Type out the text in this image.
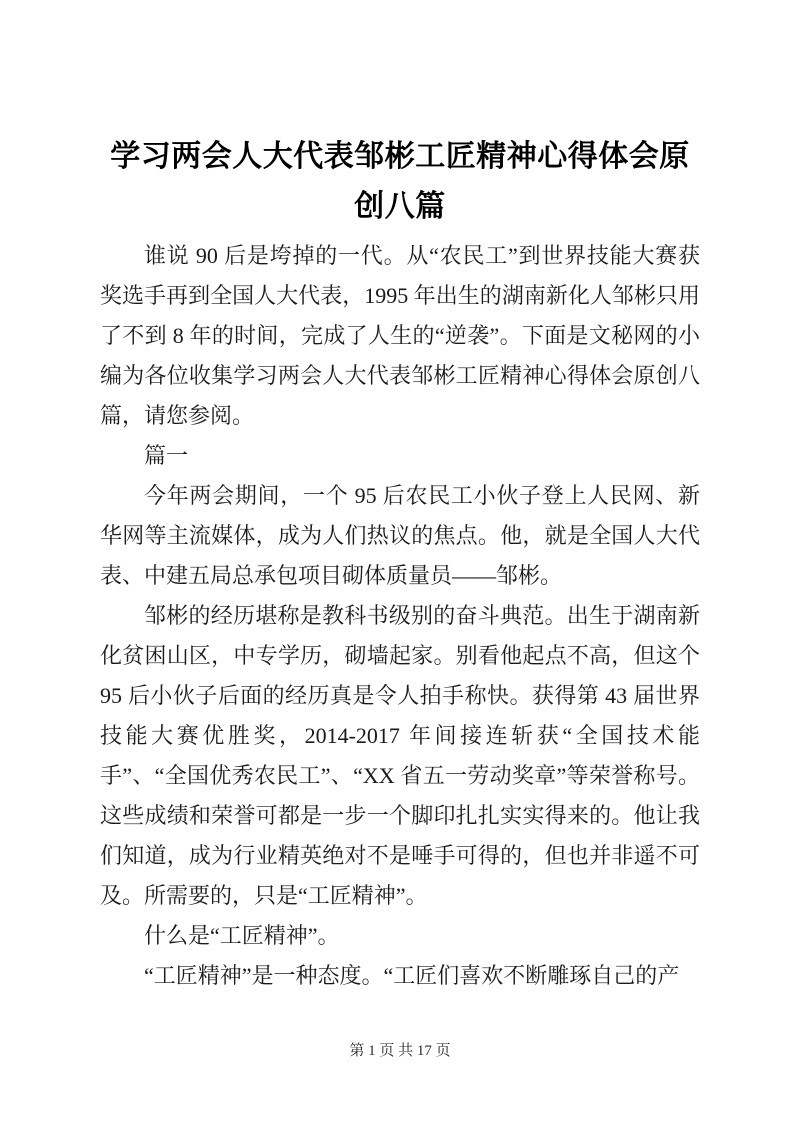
学习两会人大代表邹彬工匠精神心得体会原创八篇

谁说 90 后是垮掉的一代。从“农民工”到世界技能大赛获奖选手再到全国人大代表，1995 年出生的湖南新化人邹彬只用了不到 8 年的时间，完成了人生的“逆袭”。下面是文秘网的小编为各位收集学习两会人大代表邹彬工匠精神心得体会原创八篇，请您参阅。

篇一

今年两会期间，一个 95 后农民工小伙子登上人民网、新华网等主流媒体，成为人们热议的焦点。他，就是全国人大代表、中建五局总承包项目砌体质量员——邹彬。

邹彬的经历堪称是教科书级别的奋斗典范。出生于湖南新化贫困山区，中专学历，砌墙起家。别看他起点不高，但这个 95 后小伙子后面的经历真是令人拍手称快。获得第 43 届世界技能大赛优胜奖，2014-2017 年间接连斩获“全国技术能手”、“全国优秀农民工”、“XX 省五一劳动奖章”等荣誉称号。这些成绩和荣誉可都是一步一个脚印扎扎实实得来的。他让我们知道，成为行业精英绝对不是唾手可得的，但也并非遥不可及。所需要的，只是“工匠精神”。

什么是“工匠精神”。

“工匠精神”是一种态度。“工匠们喜欢不断雕琢自己的产

第 1 页 共 17 页
